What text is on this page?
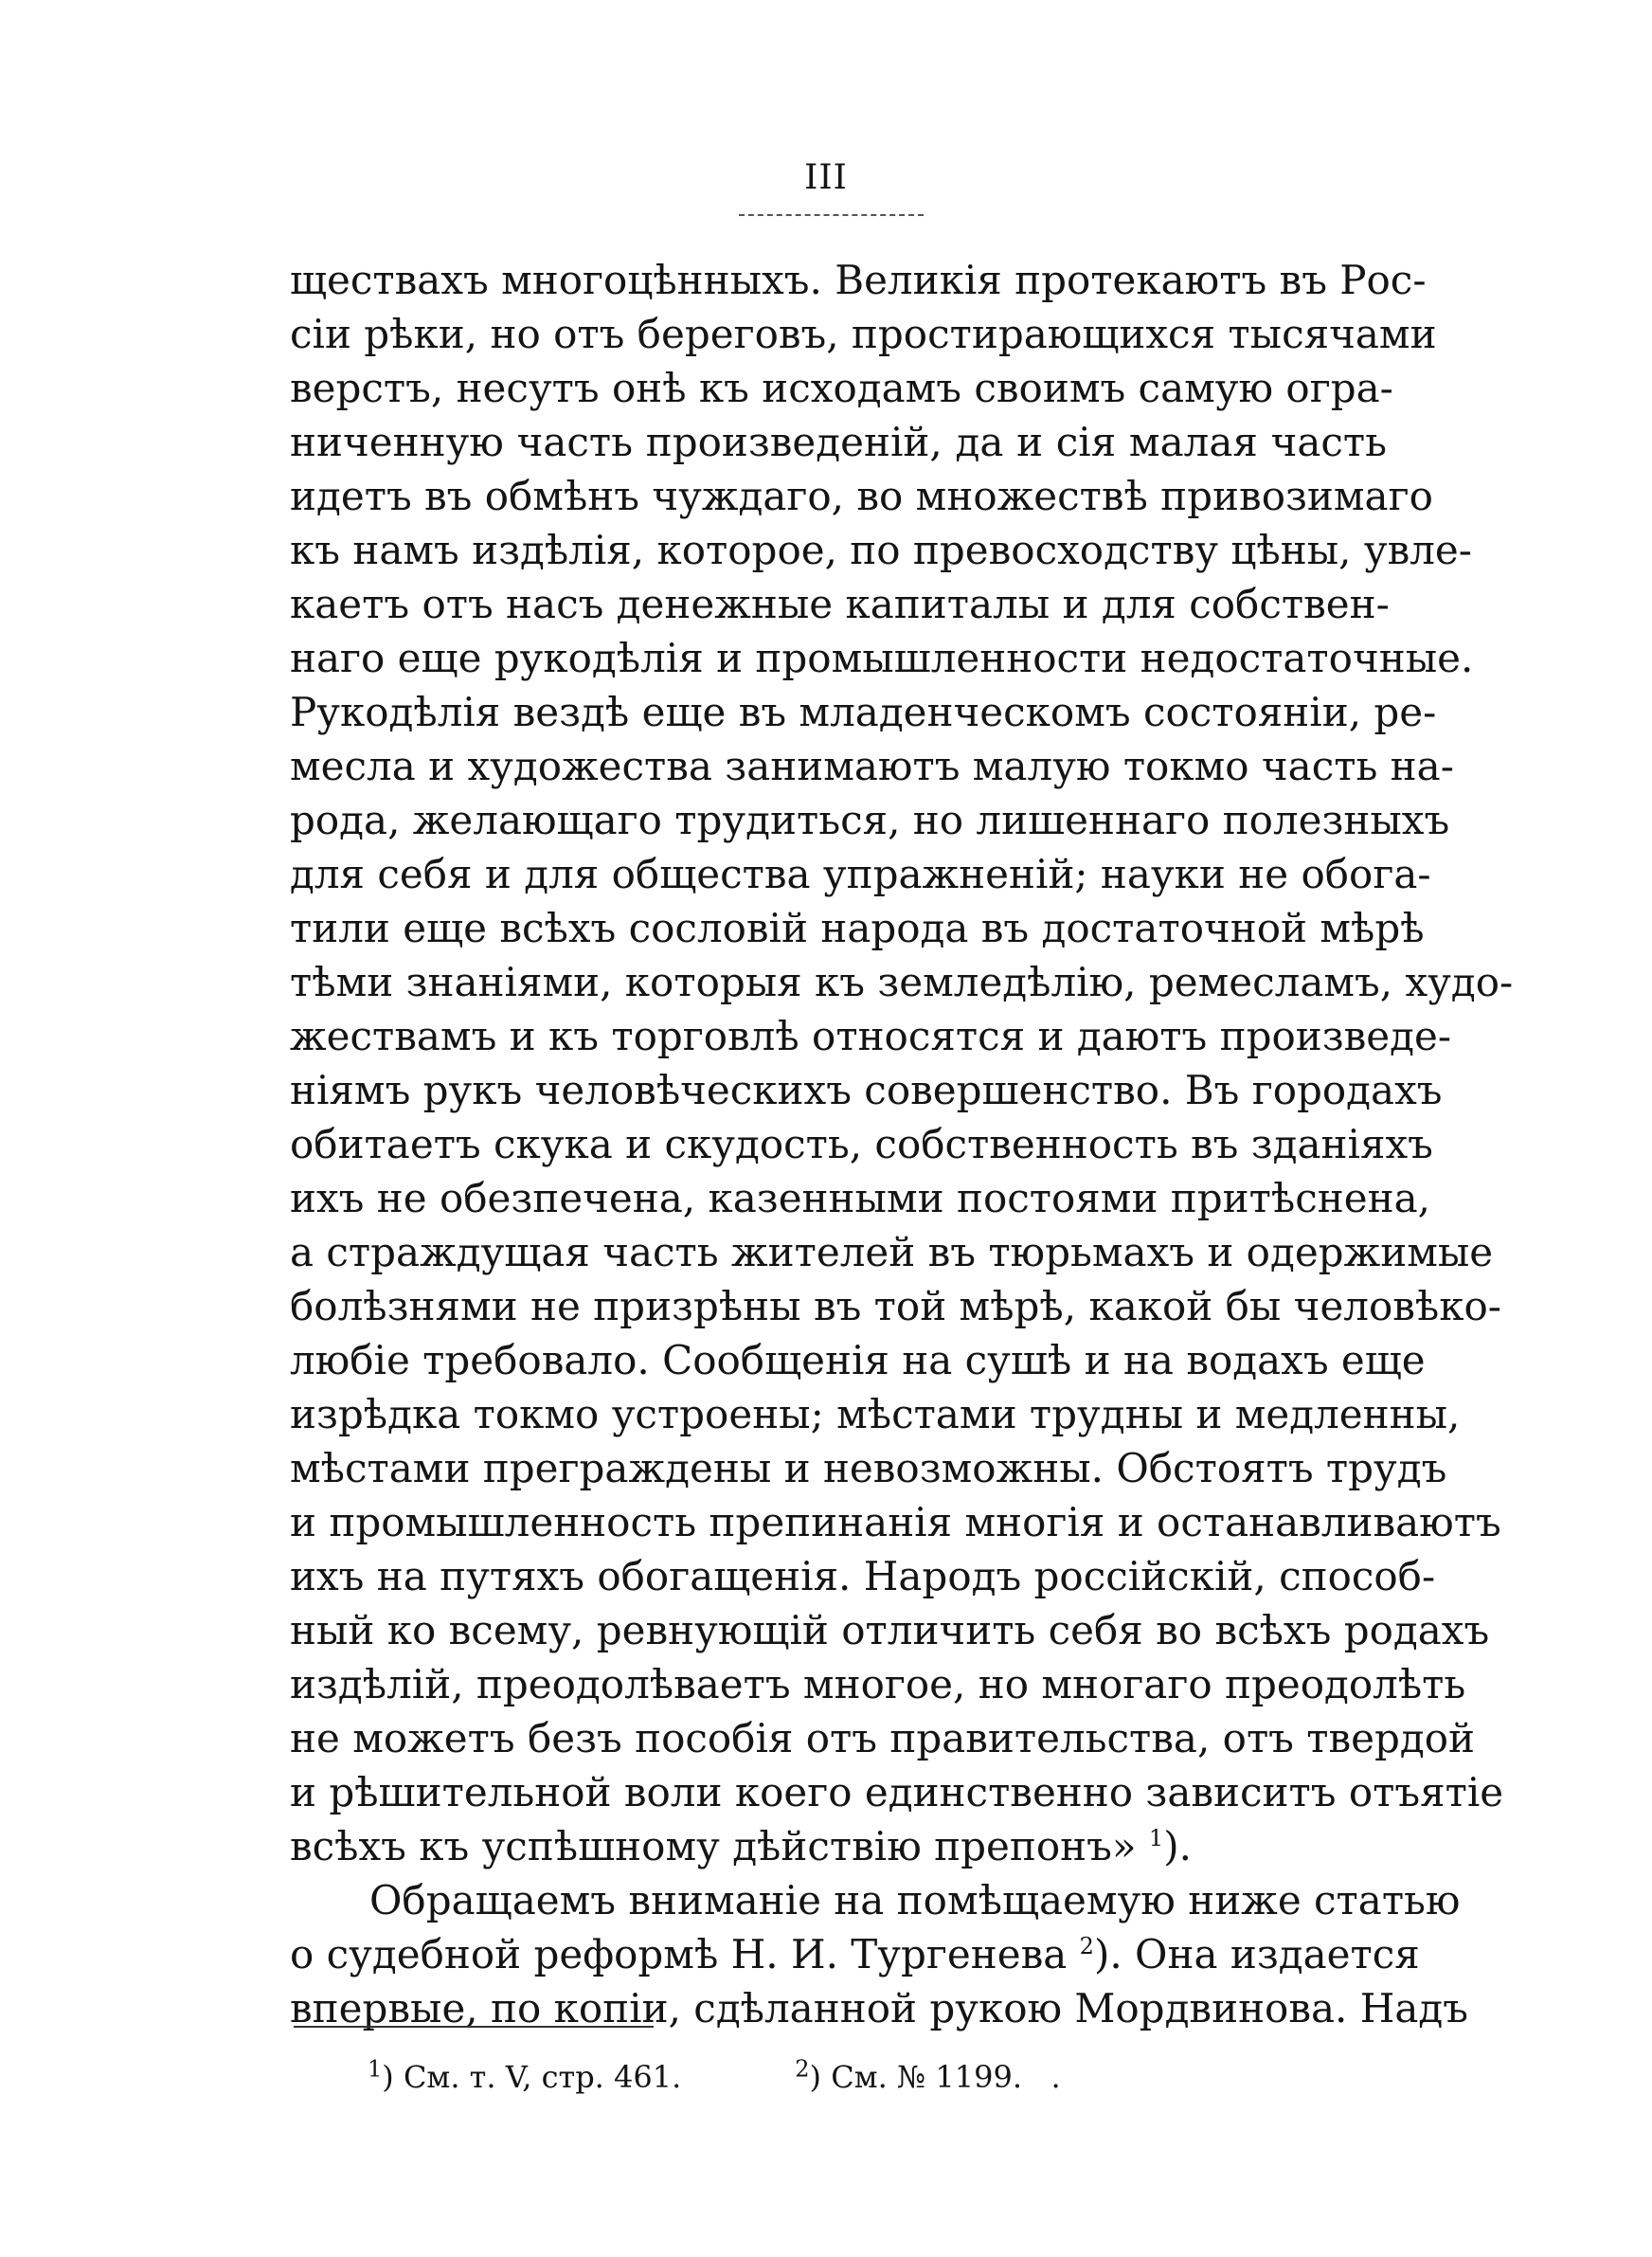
III
ществахъ многоцѣнныхъ. Великія протекаютъ въ Рос-
сіи рѣки, но отъ береговъ, простирающихся тысячами
верстъ, несутъ онѣ къ исходамъ своимъ самую огра-
ниченную часть произведеній, да и сія малая часть
идетъ въ обмѣнъ чуждаго, во множествѣ привозимаго
къ намъ издѣлія, которое, по превосходству цѣны, увле-
каетъ отъ насъ денежные капиталы и для собствен-
наго еще рукодѣлія и промышленности недостаточные.
Рукодѣлія вездѣ еще въ младенческомъ состояніи, ре-
месла и художества занимаютъ малую токмо часть на-
рода, желающаго трудиться, но лишеннаго полезныхъ
для себя и для общества упражненій; науки не обога-
тили еще всѣхъ сословій народа въ достаточной мѣрѣ
тѣми знаніями, которыя къ земледѣлію, ремесламъ, худо-
жествамъ и къ торговлѣ относятся и даютъ произведе-
ніямъ рукъ человѣческихъ совершенство. Въ городахъ
обитаетъ скука и скудость, собственность въ зданіяхъ
ихъ не обезпечена, казенными постоями притѣснена,
а страждущая часть жителей въ тюрьмахъ и одержимые
болѣзнями не призрѣны въ той мѣрѣ, какой бы человѣко-
любіе требовало. Сообщенія на сушѣ и на водахъ еще
изрѣдка токмо устроены; мѣстами трудны и медленны,
мѣстами преграждены и невозможны. Обстоятъ трудъ
и промышленность препинанія многія и останавливаютъ
ихъ на путяхъ обогащенія. Народъ россійскій, способ-
ный ко всему, ревнующій отличить себя во всѣхъ родахъ
издѣлій, преодолѣваетъ многое, но многаго преодолѣть
не можетъ безъ пособія отъ правительства, отъ твердой
и рѣшительной воли коего единственно зависитъ отъятіе
всѣхъ къ успѣшному дѣйствію препонъ» $^1$).
Обращаемъ вниманіе на помѣщаемую ниже статью
о судебной реформѣ Н. И. Тургенева $^2$). Она издается
впервые, по копіи, сдѣланной рукою Мордвинова. Надъ
$^1$) См. т. V, стр. 461.	$^2$) См. № 1199. .
